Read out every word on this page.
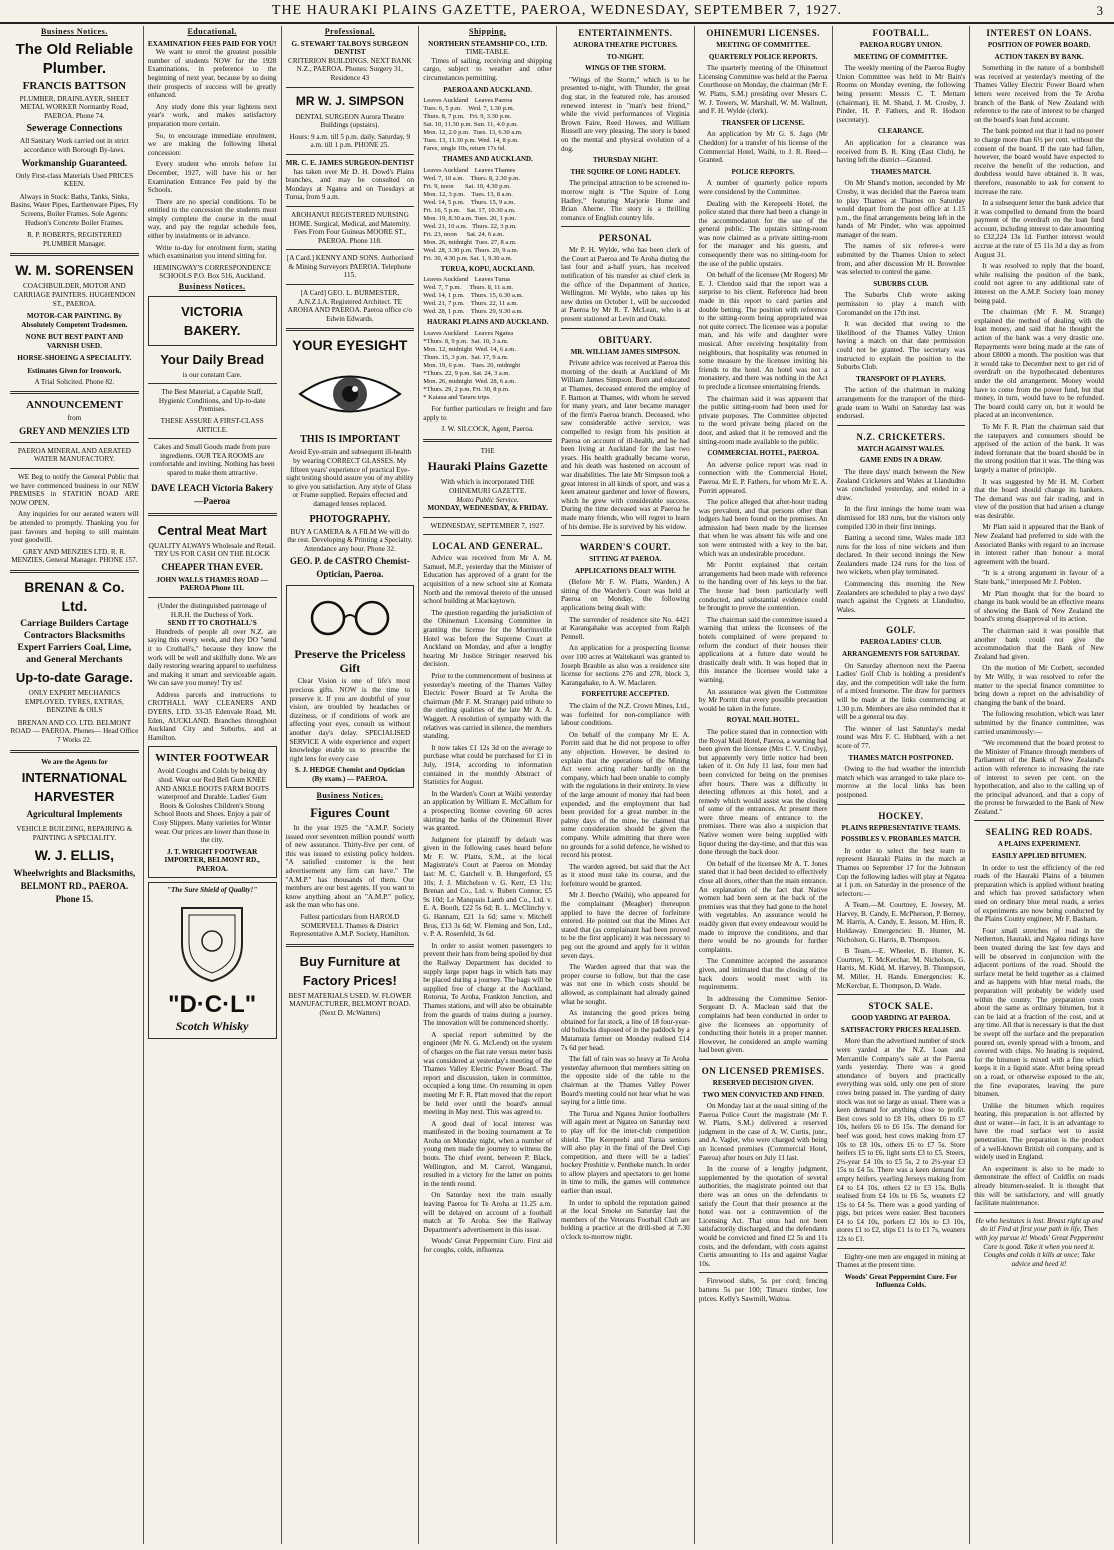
THE HAURAKI PLAINS GAZETTE, PAEROA, WEDNESDAY, SEPTEMBER 7, 1927.	3
Business Notices.
The Old Reliable Plumber.
FRANCIS BATTSON
PLUMBER, DRAINLAYER, SHEET METAL WORKER Normanby Road, PAEROA. Phone 74.
Sewerage Connections
All Sanitary Work carried out in strict accordance with Borough By-laws.
Workmanship Guaranteed.
Only First-class Materials Used PRICES KEEN.
Always in Stock: Baths, Tanks, Sinks, Basins, Water Pipes, Earthenware Pipes, Fly Screens, Boiler Frames. Sole Agents: Hudson's Concrete Boiler Frames.
R. P. ROBERTS, REGISTERED PLUMBER Manager.
W. M. SORENSEN
COACHBUILDER, MOTOR AND CARRIAGE PAINTERS. HUGHENDON ST., PAEROA.
MOTOR-CAR PAINTING. By Absolutely Competent Tradesmen.
NONE BUT BEST PAINT AND VARNISH USED.
HORSE-SHOEING A SPECIALITY.
Estimates Given for Ironwork.
A Trial Solicited. Phone 82.
ANNOUNCEMENT
from
GREY AND MENZIES LTD
PAEROA MINERAL AND AERATED WATER MANUFACTORY.

WE Beg to notify the General Public that we have commenced business in our NEW PREMISES in STATION ROAD ARE NOW OPEN.

Any inquiries for our aerated waters will be attended to promptly. Thanking you for past favours and hoping to still maintain your goodwill.

GREY AND MENZIES LTD. R. R. MENZIES, General Manager. PHONE 157.
BRENAN & Co. Ltd.
Carriage Builders Cartage Contractors Blacksmiths Expert Farriers Coal, Lime, and General Merchants
Up-to-date Garage.
ONLY EXPERT MECHANICS EMPLOYED. TYRES, EXTRAS, BENZINE & OILS
BRENAN AND CO. LTD. BELMONT ROAD — PAEROA. Phones— Head Office 7 Works 22.
We are the Agents for
INTERNATIONAL HARVESTER
Agricultural Implements
VEHICLE BUILDING, REPAIRING & PAINTING A SPECIALITY.
W. J. ELLIS,
Wheelwrights and Blacksmiths, BELMONT RD., PAEROA. Phone 15.
Educational.
EXAMINATION FEES PAID FOR YOU!

We want to enrol the greatest possible number of students NOW for the 1928 Examinations, in preference to the beginning of next year, because by so doing their prospects of success will be greatly enhanced.

Any study done this year lightens next year's work, and makes satisfactory preparation more certain.

So, to encourage immediate enrolment, we are making the following liberal concession:

Every student who enrols before 1st December, 1927, will have his or her Examination Entrance Fee paid by the Schools.

There are no special conditions. To be entitled to the concession the students must simply complete the course in the usual way, and pay the regular schedule fees, either by instalments or in advance.

Write to-day for enrolment form, stating which examination you intend sitting for.

HEMINGWAY'S CORRESPONDENCE SCHOOLS P.O. Box 516, Auckland.
Business Notices.
VICTORIA BAKERY.
Your Daily Bread
is our constant Care.
The Best Material, a Capable Staff, Hygienic Conditions, and Up-to-date Premises.
THESE ASSURE A FIRST-CLASS ARTICLE.
Cakes and Small Goods made from pure ingredients. OUR TEA ROOMS are comfortable and inviting. Nothing has been spared to make them attractive.
DAVE LEACH Victoria Bakery—Paeroa
Central Meat Mart
QUALITY ALWAYS Wholesale and Retail. TRY US FOR CASH ON THE BLOCK
CHEAPER THAN EVER.
JOHN WALLS THAMES ROAD — PAEROA Phone 111.
(Under the distinguished patronage of H.R.H. the Duchess of York.
SEND IT TO CROTHALL'S

Hundreds of people all over N.Z. are saying this every week, and they DO "send it to Crothall's," because they know the work will be well and skilfully done. We are daily restoring wearing apparel to usefulness and making it smart and serviceable again. We can save you money! Try us!

Address parcels and instructions to CROTHALL WAY CLEANERS AND DYERS, LTD. 33-35 Edenvale Road, Mt. Eden, AUCKLAND. Branches throughout Auckland City and Suburbs, and at Hamilton.

WINTER FOOTWEAR
Avoid Coughs and Colds by being dry shod. Wear our Red Bell Gum KNEE AND ANKLE BOOTS FARM BOOTS waterproof and Durable. Ladies' Gum Boots & Goloshes Children's Strong School Boots and Shoes. Enjoy a pair of Cosy Slippers. Many varieties for Winter wear. Our prices are lower than those in the city.
J. T. WRIGHT FOOTWEAR IMPORTER, BELMONT RD., PAEROA.
"The Sure Shield of Quality!"
"D·C·L"
Scotch Whisky
Professional.
G. STEWART TALBOYS SURGEON DENTIST
CRITERION BUILDINGS. NEXT BANK N.Z., PAEROA. Phones: Surgery 31, Residence 43
MR W. J. SIMPSON
DENTAL SURGEON Aurora Theatre Buildings (upstairs).
Hours: 9 a.m. till 5 p.m. daily. Saturday, 9 a.m. till 1 p.m. PHONE 25.
MR. C. E. JAMES SURGEON-DENTIST

has taken over Mr D. H. Dowd's Plains branches, and may be consulted on Mondays at Ngatea and on Tuesdays at Turua, from 9 a.m.

AROHANUI REGISTERED NURSING HOME. Surgical, Medical, and Maternity. Fees From Four Guineas MOORE ST., PAEROA. Phone 118.
[A Card.] KENNY AND SONS. Authorised & Mining Surveyors PAEROA. Telephone 115.
[A Card] GEO. L. BURMESTER, A.N.Z.I.A. Registered Architect. TE AROHA AND PAEROA. Paeroa office c/o Edwin Edwards.
YOUR EYESIGHT
THIS IS IMPORTANT
Avoid Eye-strain and subsequent ill-health by wearing CORRECT GLASSES. My fifteen years' experience of practical Eye-sight testing should assure you of my ability to give you satisfaction. Any style of Glass or Frame supplied. Repairs effected and damaged lenses replaced.
PHOTOGRAPHY.
BUY A CAMERA & A FILM We will do the rest. Developing & Printing a Specialty. Attendance any hour. Phone 32.
GEO. P. de CASTRO Chemist-Optician, Paeroa.
Preserve the Priceless Gift

Clear Vision is one of life's most precious gifts. NOW is the time to preserve it. If you are doubtful of your vision, are troubled by headaches or dizziness, or if conditions of work are affecting your eyes, consult us without another day's delay. SPECIALISED SERVICE A wide experience and expert knowledge enable us to prescribe the right lens for every case

S. J. HEDGE Chemist and Optician (By exam.) — PAEROA.
Business Notices.
Figures Count

In the year 1925 the "A.M.P. Society issued over seventeen million pounds' worth of new assurance. Thirty-five per cent. of this was issued to existing policy holders. "A satisfied customer is the best advertisement any firm can have." The "A.M.P." has thousands of them. Our members are our best agents. If you want to know anything about an "A.M.P." policy, ask the man who has one.

Fullest particulars from HAROLD SOMERVELL Thames & District Representative A.M.P. Society, Hamilton.
Buy Furniture at Factory Prices!
BEST MATERIALS USED. W. FLOWER MANUFACTURER, BELMONT ROAD. (Next D. McWatters)
Shipping.
NORTHERN STEAMSHIP CO., LTD.
TIME-TABLE.

Times of sailing, receiving and shipping cargo, subject to weather and other circumstances permitting.

PAEROA AND AUCKLAND.
Leaves Auckland    Leaves Paeroa
Tues. 6, 5 p.m.    Wed. 7, 1.30 p.m.
Thurs. 8, 7 p.m.   Fri. 9, 3.30 p.m.
Sat. 10, 11.30 p.m. Sun. 11, 4.0 p.m.
Mon. 12, 2.0 p.m.  Tues. 13, 6.30 a.m.
Tues. 13, 11.30 p.m. Wed. 14, 8 p.m.
Fares, single 10s, return 17s 6d.
THAMES AND AUCKLAND.
Leaves Auckland    Leaves Thames
Wed. 7, 10 a.m.    Thurs. 8, 2.30 p.m.
Fri. 9, noon       Sat. 10, 4.30 p.m.
Mon. 12, 3 p.m.    Tues. 13, 8 a.m.
Wed. 14, 5 p.m.    Thurs. 15, 9 a.m.
Fri. 16, 5 p.m.    Sat. 17, 10.30 a.m.
Mon. 19, 8.30 a.m. Tues. 20, 1 p.m.
Wed. 21, 10 a.m.   Thurs. 22, 3 p.m.
Fri. 23, noon      Sat. 24, 6 a.m.
Mon. 26, midnight  Tues. 27, 8 a.m.
Wed. 28, 3.30 p.m. Thurs. 29, 9 a.m.
Fri. 30, 4.30 p.m. Sat. 1, 9.30 a.m.
TURUA, KOPU, AUCKLAND.
Leaves Auckland    Leaves Turua
Wed. 7, 7 p.m.     Thurs. 8, 11 a.m.
Wed. 14, 1 p.m.    Thurs. 15, 6.30 a.m.
Wed. 21, 7 p.m.    Thurs. 22, 11 a.m.
Wed. 28, 1 p.m.    Thurs. 29, 9.30 a.m.
HAURAKI PLAINS AND AUCKLAND.
Leaves Auckland    Leaves Ngatea
*Thurs. 8, 9 p.m.  Sat. 10, 3 a.m.
Mon. 12, midnight  Wed. 14, 6 a.m.
Thurs. 15, 3 p.m.  Sat. 17, 9 a.m.
Mon. 19, 6 p.m.    Tues. 20, midnight
*Thurs. 22, 9 p.m. Sat. 24, 3 a.m.
Mon. 26, midnight  Wed. 28, 6 a.m.
*Thurs. 29, 2 p.m. Fri. 30, 8 p.m.
* Kaiaua and Tararu trips.

For further particulars re freight and fare apply to

J. W. SILCOCK, Agent, Paeroa.
THE
Hauraki Plains Gazette
With which is incorporated THE OHINEMURI GAZETTE.
Motto Public Service.
MONDAY, WEDNESDAY, & FRIDAY.
WEDNESDAY, SEPTEMBER 7, 1927.
LOCAL AND GENERAL.

Advice was received from Mr A. M. Samuel, M.P., yesterday that the Minister of Education has approved of a grant for the acquisition of a new school site at Komata North and the removal thereto of the unused school building at Mackaytown.

The question regarding the jurisdiction of the Ohinemuri Licensing Committee in granting the license for the Morrinsville Hotel was before the Supreme Court at Auckland on Monday, and after a lengthy hearing Mr Justice Stringer reserved his decision.

Prior to the commencement of business at yesterday's meeting of the Thames Valley Electric Power Board at Te Aroha the chairman (Mr F. M. Strange) paid tribute to the sterling qualities of the late Mr A. A. Waggett. A resolution of sympathy with the relatives was carried in silence, the members standing.

It now takes £1 12s 3d on the average to purchase what could be purchased for £1 in July, 1914, according to information contained in the monthly Abstract of Statistics for August.

In the Warden's Court at Waihi yesterday an application by William E. McCallum for a prospecting license covering 60 acres skirting the banks of the Ohinemuri River was granted.

Judgment for plaintiff by default was given in the following cases heard before Mr F. W. Platts, S.M., at the local Magistrate's Court at Paeroa on Monday last: M. C. Gatchell v. B. Hungerford, £5 10s; J. J. Mitchelson v. G. Kerr, £3 11s; Brenan and Co., Ltd. v. Ruben Connor, £5 9s 10d; Le Manquais Lamb and Co., Ltd. v. E. A. Booth, £22 5s 6d; R. L. McClinchy v. G. Hannam, £21 1s 6d; same v. Mitchell Bros, £13 3s 6d; W. Fleming and Son, Ltd., v. P. A. Rosenfeld, 3s 6d.

In order to assist women passengers to prevent their hats from being spoiled by dust the Railway Department has decided to supply large paper bags in which hats may be placed during a journey. The bags will be supplied free of charge at the Auckland, Rotorua, Te Aroha, Frankton Junction, and Thames stations, and will also be obtainable from the guards of trains during a journey. The innovation will be commenced shortly.

A special report submitted by the engineer (Mr N. G. McLeod) on the system of charges on the flat rate versus meter basis was considered at yesterday's meeting of the Thames Valley Electric Power Board. The report and discussion, taken in committee, occupied a long time. On resuming in open meeting Mr F. R. Platt moved that the report be held over until the board's annual meeting in May next. This was agreed to.

A good deal of local interest was manifested in the boxing tournament at Te Aroha on Monday night, when a number of young men made the journey to witness the bouts. The chief event, between P. Black, Wellington, and M. Carrol, Wanganui, resulted in a victory for the latter on points in the tenth round.

On Saturday next the train usually leaving Paeroa for Te Aroha at 11.25 a.m. will be delayed on account of a football match at Te Aroha. See the Railway Department's advertisement in this issue.

Woods' Great Peppermint Cure. First aid for coughs, colds, influenza.

ENTERTAINMENTS.
AURORA THEATRE PICTURES.
TO-NIGHT.
WINGS OF THE STORM.

"Wings of the Storm," which is to be presented to-night, with Thunder, the great dog star, in the featured role, has aroused renewed interest in "man's best friend," while the vivid performances of Virginia Brown Faire, Reed Howes, and William Russell are very pleasing. The story is based on the mental and physical evolution of a dog.

THURSDAY NIGHT.
THE SQUIRE OF LONG HADLEY.

The principal attraction to be screened to-morrow night is "The Squire of Long Hadley," featuring Marjorie Hume and Brian Aherne. The story is a thrilling romance of English country life.

PERSONAL

Mr P. H. Wylde, who has been clerk of the Court at Paeroa and Te Aroha during the last four and a-half years, has received notification of his transfer as chief clerk in the office of the Department of Justice, Wellington. Mr Wylde, who takes up his new duties on October 1, will be succeeded at Paeroa by Mr R. T. McLean, who is at present stationed at Levin and Otaki.

OBITUARY.
MR. WILLIAM JAMES SIMPSON.

Private advice was received at Paeroa this morning of the death at Auckland of Mr William James Simpson. Born and educated at Thames, deceased entered the employ of F. Battson at Thames, with whom he served for many years, and later became manager of the firm's Paeroa branch. Deceased, who saw considerable active service, was compelled to resign from his position at Paeroa on account of ill-health, and he had been living at Auckland for the last two years. His health gradually became worse, and his death was hastened on account of war disabilities. The late Mr Simpson took a great interest in all kinds of sport, and was a keen amateur gardener and lover of flowers, which he grew with considerable success. During the time deceased was at Paeroa he made many friends, who will regret to learn of his demise. He is survived by his widow.

WARDEN'S COURT.
SITTING AT PAEROA.
APPLICATIONS DEALT WITH.

(Before Mr F. W. Platts, Warden.) A sitting of the Warden's Court was held at Paeroa on Monday, the following applications being dealt with:

The surrender of residence site No. 4421 at Karangahake was accepted from Ralph Pennell.

An application for a prospecting license over 100 acres at Waitekauri was granted to Joseph Brauble as also was a residence site license for sections 276 and 278, block 3, Karangahake, to A. W. Maclaren.

FORFEITURE ACCEPTED.

The claim of the N.Z. Crown Mines, Ltd., was forfeited for non-compliance with labour conditions.

On behalf of the company Mr E. A. Porritt said that he did not propose to offer any objection. However, he desired to explain that the operations of the Mining Act were acting rather hardly on the company, which had been unable to comply with the regulations in their entirety. In view of the large amount of money that had been expended, and the employment that had been provided for a great number in the palmy days of the mine, he claimed that some consideration should be given the company. While admitting that there were no grounds for a solid defence, he wished to record his protest.

The warden agreed, but said that the Act as it stood must take its course, and the forfeiture would be granted.

Mr J. Beecho (Waihi), who appeared for the complainant (Meagher) thereupon applied to have the decree of forfeiture entered. He pointed out that the Mines Act stated that (as complainant had been proved to be the first applicant) it was necessary to peg out the ground and apply for it within seven days.

The Warden agreed that that was the proper course to follow, but that the case was not one in which costs should be allowed, as complainant had already gained what he sought.

As instancing the good prices being obtained for fat stock, a line of 18 four-year-old bullocks disposed of in the paddock by a Matamata farmer on Monday realised £14 7s 6d per head.

The fall of rain was so heavy at Te Aroha yesterday afternoon that members sitting on the opposite side of the table to the chairman at the Thames Valley Power Board's meeting could not hear what he was saying for a little time.

The Turua and Ngatea Junior footballers will again meet at Ngatea on Saturday next to play off for the inter-club competition shield. The Kerepeehi and Turua seniors will also play in the final of the Deel Cup competition, and there will be a ladies' hockey Preshitie v. Pentheke match. In order to allow players and spectators to get home in time to milk, the games will commence earlier than usual.

In order to uphold the reputation gained at the local Smoke on Saturday last the members of the Veterans Football Club are holding a practice at the drill-shed at 7.30 o'clock to-morrow night.

OHINEMURI LICENSES.
MEETING OF COMMITTEE.
QUARTERLY POLICE REPORTS.

The quarterly meeting of the Ohinemuri Licensing Committee was held at the Paeroa Courthouse on Monday, the chairman (Mr F. W. Platts, S.M.) presiding over Messrs C. W. J. Towers, W. Marshall, W. M. Wallnutt, and F. H. Wylde (clerk).

TRANSFER OF LICENSE.

An application by Mr G. S. Jago (Mr Cheddon) for a transfer of his license of the Commercial Hotel, Waihi, to J. R. Reed—Granted.

POLICE REPORTS.

A number of quarterly police reports were considered by the Committee.

Dealing with the Kerepeehi Hotel, the police stated that there had been a change in the accommodation for the use of the general public. The upstairs sitting-room was now claimed as a private sitting-room for the manager and his guests, and consequently there was no sitting-room for the use of the public upstairs.

On behalf of the licensee (Mr Rogers) Mr E. J. Clendon said that the report was a surprise to his client. Reference had been made in this report to card parties and double betting. The position with reference to the sitting-room being appropriated was not quite correct. The licensee was a popular man, and his wife and daughter were musical. After receiving hospitality from neighbours, that hospitality was returned in some measure by the licensee inviting his friends to the hotel. An hotel was not a monastery, and there was nothing in the Act to preclude a licensee entertaining friends.

The chairman said it was apparent that the public sitting-room had been used for private purposes. The Committee objected to the word private being placed on the door, and asked that it be removed and the sitting-room made available to the public.

COMMERCIAL HOTEL, PAEROA.

An adverse police report was read in connection with the Commercial Hotel, Paeroa. Mr E. P. Fathers, for whom Mr E. A. Porritt appeared.

The police alleged that after-hour trading was prevalent, and that persons other than lodgers had been found on the premises. An admission had been made by the licensee that when he was absent his wife and one son were entrusted with a key to the bar, which was an undesirable procedure.

Mr Porritt explained that certain arrangements had been made with reference to the handing over of his keys to the bar. The house had been particularly well conducted, and substantial evidence could be brought to prove the contention.

The chairman said the committee issued a warning that unless the licensees of the hotels complained of were prepared to reform the conduct of their houses their applications at a future date would be drastically dealt with. It was hoped that in this instance the licensee would take a warning.

An assurance was given the Committee by Mr Porritt that every possible precaution would be taken in the future.

ROYAL MAIL HOTEL.

The police stated that in connection with the Royal Mail Hotel, Paeroa, a warning had been given the licensee (Mrs C. V. Crosby), but apparently very little notice had been taken of it. On July 11 last, four men had been convicted for being on the premises after hours. There was a difficulty in detecting offences at this hotel, and a remedy which would assist was the closing of some of the entrances. At present there were three means of entrance to the premises. There was also a suspicion that Native women were being supplied with liquor during the day-time, and that this was done through the back door.

On behalf of the licensee Mr A. T. Jones stated that it had been decided to effectively close all doors, other than the main entrance. An explanation of the fact that Native women had been seen at the back of the premises was that they had gone to the hotel with vegetables. An assurance would be readily given that every endeavour would be made to improve the conditions, and that there would be no grounds for further complaints.

The Committee accepted the assurance given, and intimated that the closing of the back doors would meet with its requirements.

In addressing the Committee Senior-Sergeant D. A. Maclean said that the complaints had been conducted in order to give the licensees an opportunity of conducting their hotels in a proper manner. However, he considered an ample warning had been given.

ON LICENSED PREMISES.
RESERVED DECISION GIVEN.
TWO MEN CONVICTED AND FINED.

On Monday last at the usual sitting of the Paeroa Police Court the magistrate (Mr F. W. Platts, S.M.) delivered a reserved judgment in the case of A. W. Curtis, junr., and A. Vagler, who were charged with being on licensed premises (Commercial Hotel, Paeroa) after hours on July 11 last.

In the course of a lengthy judgment, supplemented by the quotation of several authorities, the magistrate pointed out that there was an onus on the defendants to satisfy the Court that their presence at the hotel was not a contravention of the Licensing Act. That onus had not been satisfactorily discharged, and the defendants would be convicted and fined £2 5s and 11s costs, and the defendant, with costs against Curtis amounting to 11s and against Vaglar 10s.

Firewood slabs, 5s per cord; fencing battens 5s per 100; Timaru timber, low prices. Kelly's Sawmill, Waitoa.

FOOTBALL.
PAEROA RUGBY UNION.
MEETING OF COMMITTEE.

The weekly meeting of the Paeroa Rugby Union Committee was held in Mr Bain's Rooms on Monday evening, the following being present: Messrs C. T. Mettam (chairman), H. M. Shand, J. M. Crosby, J. Pinder, H. P. Fathers, and R. Hodson (secretary).

CLEARANCE.

An application for a clearance was received from B. R. King (East Club), he having left the district—Granted.

THAMES MATCH.

On Mr Shand's motion, seconded by Mr Crosby, it was decided that the Paeroa team to play Thames at Thames on Saturday would depart from the post office at 1.15 p.m., the final arrangements being left in the hands of Mr Pinder, who was appointed manager of the team.

The names of six referee-s were submitted by the Thames Union to select from, and after discussion Mr H. Brownlee was selected to control the game.

SUBURBS CLUB.

The Suburbs Club wrote asking permission to play a match with Coromandel on the 17th inst.

It was decided that owing to the likelihood of the Thames Valley Union having a match on that date permission could not be granted. The secretary was instructed to explain the position to the Suburbs Club.

TRANSPORT OF PLAYERS.

The action of the chairman in making arrangements for the transport of the third-grade team to Waihi on Saturday last was endorsed.

N.Z. CRICKETERS.
MATCH AGAINST WALES.
GAME ENDS IN A DRAW.

The three days' match between the New Zealand Cricketers and Wales at Llandudno was concluded yesterday, and ended in a draw.

In the first innings the home team was dismissed for 183 runs, but the visitors only compiled 130 in their first innings.

Batting a second time, Wales made 183 runs for the loss of nine wickets and then declared. In their second innings the New Zealanders made 124 runs for the loss of two wickets, when play terminated.

Commencing this morning the New Zealanders are scheduled to play a two days' match against the Cygnets at Llandudno, Wales.

GOLF.
PAEROA LADIES' CLUB.
ARRANGEMENTS FOR SATURDAY.

On Saturday afternoon next the Paeroa Ladies' Golf Club is holding a president's day, and the competition will take the form of a mixed foursome. The draw for partners will be made at the links commencing at 1.30 p.m. Members are also reminded that it will be a general tea day.

The winner of last Saturday's medal round was Mrs F. C. Hubbard, with a net score of 77.

THAMES MATCH POSTPONED.

Owing to the bad weather the interclub match which was arranged to take place to-morrow at the local links has been postponed.

HOCKEY.
PLAINS REPRESENTATIVE TEAMS.
POSSIBLES V. PROBABLES MATCH.

In order to select the best team to represent Hauraki Plains in the match at Thames on September 17 for the Johnston Cup the following ladies will play at Ngatea at 1 p.m. on Saturday in the presence of the selectors:—

A Team.—M. Courtney, E. Jowsey, M. Harvey, B. Candy, E. McPherson, P. Berney, M. Harris, A. Candy, E. Jesson, M. Hirn, R. Holdaway. Emergencies: B. Hunter, M. Nicholson, G. Harris, B. Thompson.

B Team.—E. Wheeler, B. Hunter, K. Courtney, T. McKerchar, M. Nicholson, G. Harris, M. Kidd, M. Harvey, B. Thompson, M. Miller, H. Hands. Emergencies: K. McKerchar, E. Thompson, D. Wade.

STOCK SALE.
GOOD YARDING AT PAEROA.
SATISFACTORY PRICES REALISED.

More than the advertised number of stock were yarded at the N.Z. Loan and Mercantile Company's sale at the Paeroa yards yesterday. There was a good attendance of buyers and practically everything was sold, only one pen of store cows being passed in. The yarding of dairy stock was not so large as usual. There was a keen demand for anything close to profit. Best cows sold to £8 10s, others £6 to £7 10s, heifers £6 to £6 15s. The demand for beef was good, best cows making from £7 10s to £8 10s, others £6 to £7 5s. Store heifers £5 to £6, light sorts £3 to £5. Steers, 2½-year £4 10s to £5 5s, 2 to 2½-year £3 15s to £4 5s. There was a keen demand for empty heifers, yearling Jerseys making from £4 to £4 10s, others £2 to £3 15s. Bulls realised from £4 10s to £6 5s, weaners £2 15s to £4 5s. There was a good yarding of pigs, but prices were easier. Best baconers £4 to £4 10s, porkers £2 10s to £3 10s, stores £1 to £2, slips £1 1s to £1 7s, weaners 12s to £1.

Eighty-one men are engaged in mining at Thames at the present time.

Woods' Great Peppermint Cure. For Influenza Colds.
INTEREST ON LOANS.
POSITION OF POWER BOARD.
ACTION TAKEN BY BANK.

Something in the nature of a bombshell was received at yesterday's meeting of the Thames Valley Electric Power Board when letters were received from the Te Aroha branch of the Bank of New Zealand with reference to the rate of interest to be charged on the board's loan fund account.

The bank pointed out that it had no power to charge more than 6½ per cent. without the consent of the board. If the rate had fallen, however, the board would have expected to receive the benefit of the reduction, and doubtless would have obtained it. It was, therefore, reasonable to ask for consent to increase the rate.

In a subsequent letter the bank advice that it was compelled to demand from the board payment of the overdraft on the loan fund account, including interest to date amounting to £32,224 13s 1d. Further interest would accrue at the rate of £5 11s 3d a day as from August 31.

It was resolved to reply that the board, while realising the position of the bank, could not agree to any additional rate of interest on the A.M.P. Society loan money being paid.

The chairman (Mr F. M. Strange) explained the method of dealing with the loan money, and said that he thought the action of the bank was a very drastic one. Repayments were being made at the rate of about £8000 a month. The position was that it would take to December next to get rid of overdraft on the hypothecated debentures under the old arrangement. Money would have to come from the power fund, but that money, in turn, would have to be refunded. The board could carry on, but it would be placed at an inconvenience.

To Mr F. R. Platt the chairman said that the ratepayers and consumers should be apprised of the action of the bank. It was indeed fortunate that the board should be in the strong position that it was. The thing was largely a matter of principle.

It was suggested by Mr H. M. Corbett that the board should change its bankers. The demand was not fair trading, and in view of the position that had arisen a change was desirable.

Mr Platt said it appeared that the Bank of New Zealand had preferred to side with the Associated Banks with regard to an increase in interest rather than honour a moral agreement with the board.

"It is a strong argument in favour of a State bank," interposed Mr J. Poblen.

Mr Platt thought that for the board to change its bank would be an effective means of showing the Bank of New Zealand the board's strong disapproval of its action.

The chairman said it was possible that another bank could not give the accommodation that the Bank of New Zealand had given.

On the motion of Mr Corbett, seconded by Mr Willy, it was resolved to refer the matter to the special finance committee to bring down a report on the advisability of changing the bank of the board.

The following resolution, which was later submitted by the finance committee, was carried unanimously:—

"We recommend that the board protest to the Minister of Finance through members of Parliament of the Bank of New Zealand's action with reference to increasing the rate of interest to seven per cent. on the hypothecation, and also to the calling up of the principal advanced, and that a copy of the protest be forwarded to the Bank of New Zealand."

SEALING RED ROADS.
A PLAINS EXPERIMENT.
EASILY APPLIED BITUMEN.

In order to test the efficiency of the red roads of the Hauraki Plains of a bitumen preparation which is applied without heating and which has proved satisfactory when used on ordinary blue metal roads, a series of experiments are now being conducted by the Plains County engineer, Mr F. Basham.

Four small stretches of road in the Netherton, Hauraki, and Ngatea ridings have been treated during the last few days and will be observed in conjunction with the adjacent portions of the road. Should the surface metal be held together as a claimed and as happens with blue metal roads, the preparation will probably be widely used within the county. The preparation costs about the same as ordinary bitumen, but it can be laid at a fraction of the cost, and at any time. All that is necessary is that the dust be swept off the surface and the preparation poured on, evenly spread with a broom, and covered with chips. No heating is required, for the bitumen is mixed with a fine which keeps it in a liquid state. After being spread on a road, or otherwise exposed to the air, the fine evaporates, leaving the pure bitumen.

Unlike the bitumen which requires heating, this preparation is not affected by dust or water—in fact, it is an advantage to have the road surface wet to assist penetration. The preparation is the product of a well-known British oil company, and is widely used in England.

An experiment is also to be made to demonstrate the effect of Coldfix on roads already bitumen-sealed. It is thought that this will be satisfactory, and will greatly facilitate maintenance.

He who hesitates is lost. Breast right up and do it! Find at first your path in life, Then with joy pursue it! Woods' Great Peppermint Cure is good. Take it when you need it. Coughs and colds it kills at once; Take advice and heed it!
